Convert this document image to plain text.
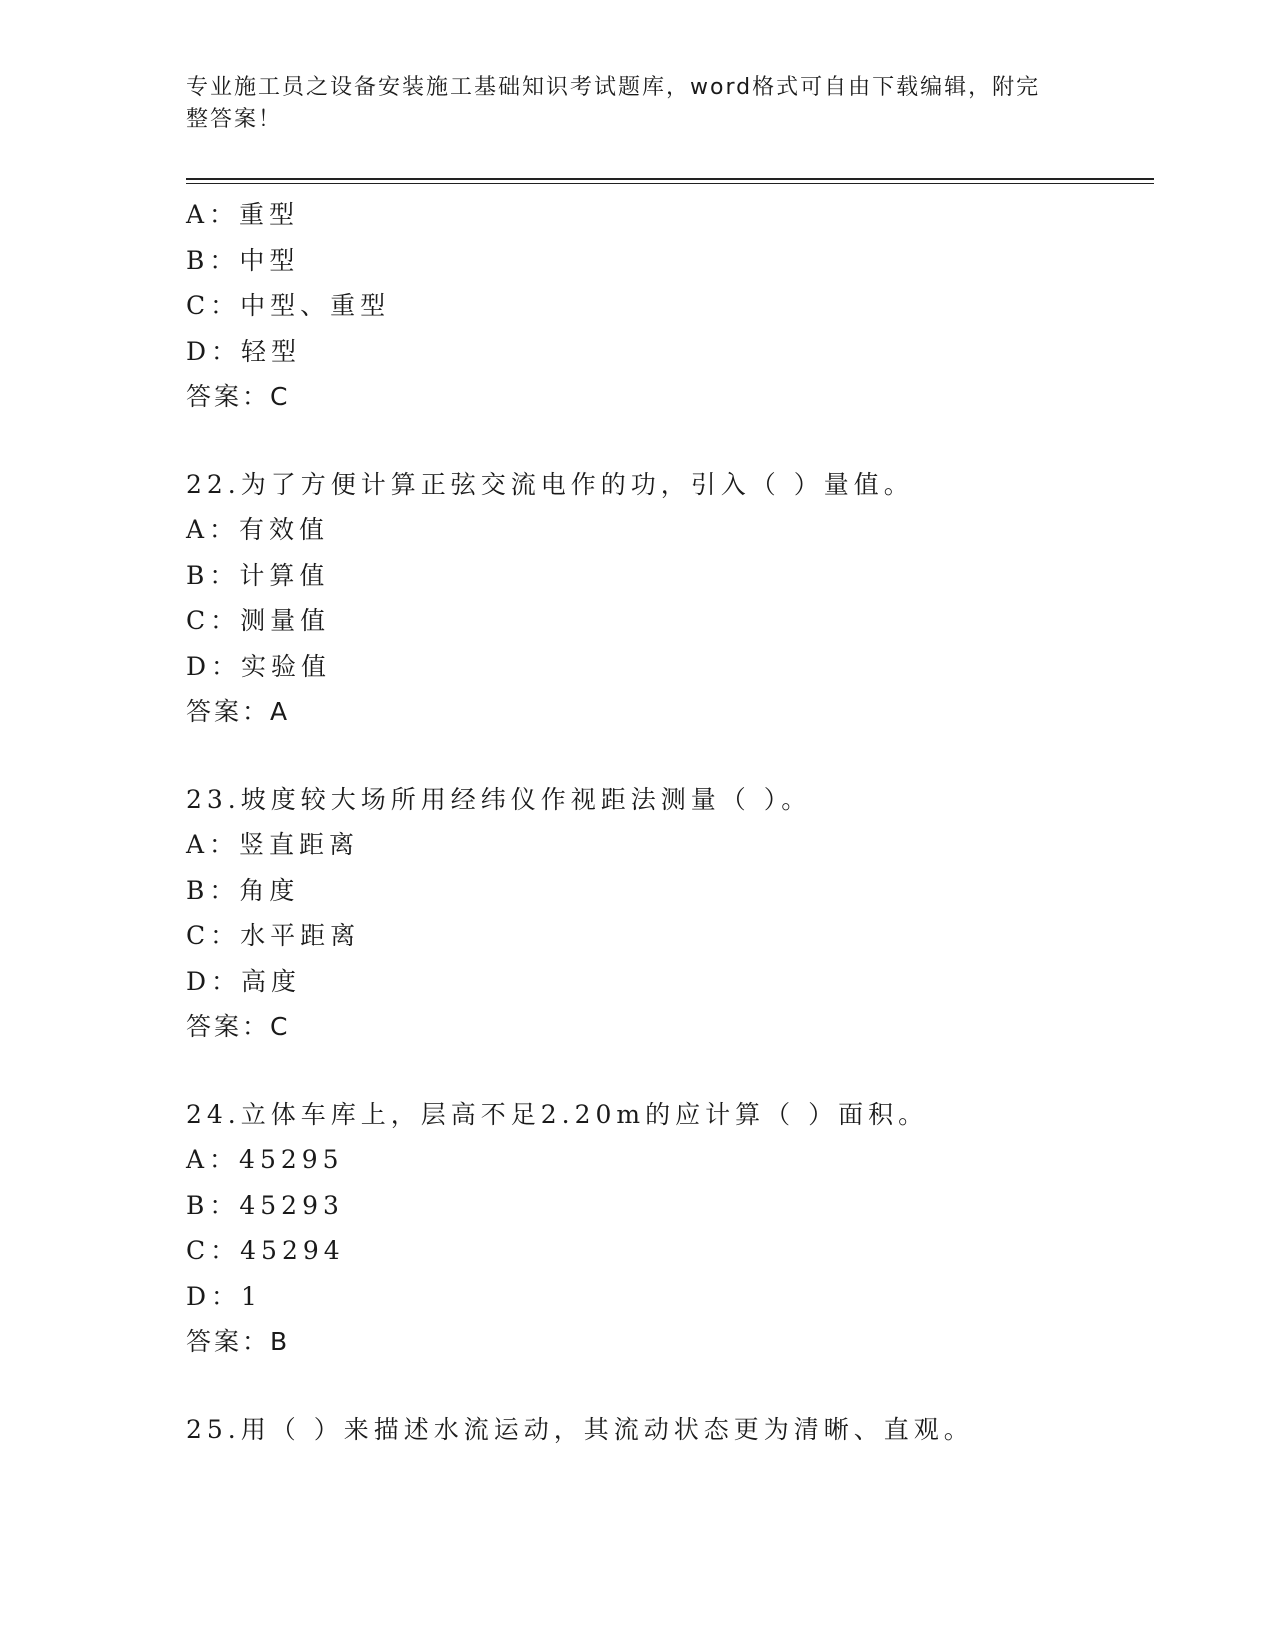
专业施工员之设备安装施工基础知识考试题库，word格式可自由下载编辑，附完
整答案！
A：重型
B：中型
C：中型、重型
D：轻型
答案：C
22.为了方便计算正弦交流电作的功，引入（ ）量值。
A：有效值
B：计算值
C：测量值
D：实验值
答案：A
23.坡度较大场所用经纬仪作视距法测量（ ）。
A：竖直距离
B：角度
C：水平距离
D：高度
答案：C
24.立体车库上，层高不足2.20m的应计算（ ）面积。
A：45295
B：45293
C：45294
D：1
答案：B
25.用（ ）来描述水流运动，其流动状态更为清晰、直观。
